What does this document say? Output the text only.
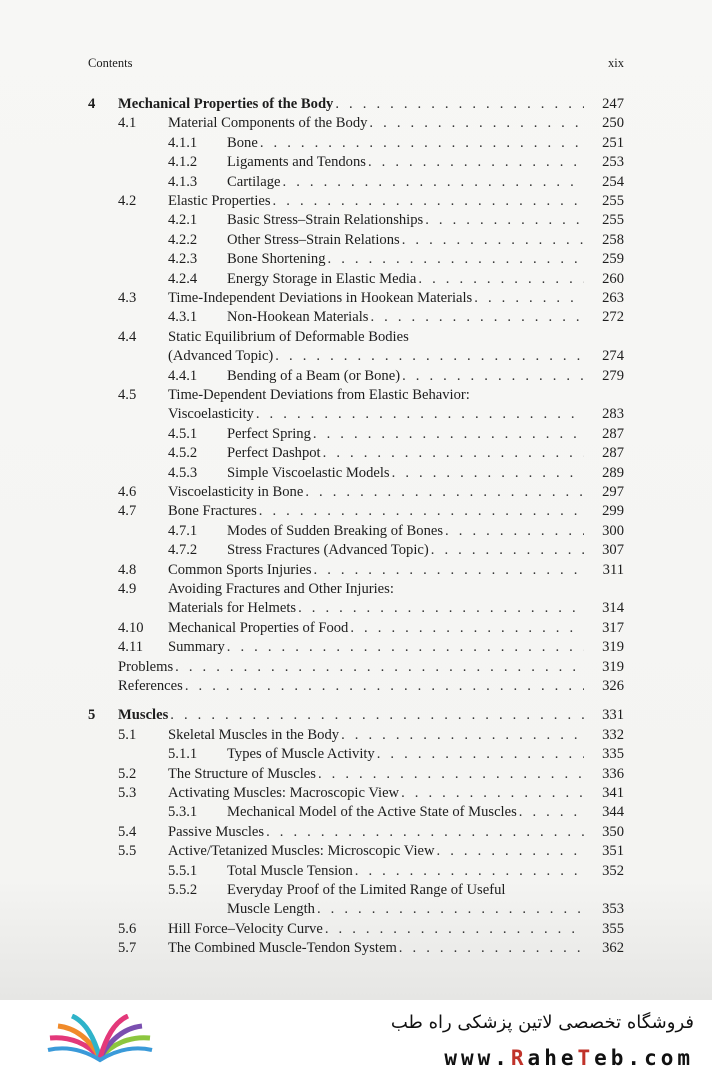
Contents	xix
4 Mechanical Properties of the Body . . .	247
4.1 Material Components of the Body . . .	250
4.1.1 Bone . . .	251
4.1.2 Ligaments and Tendons . . .	253
4.1.3 Cartilage . . .	254
4.2 Elastic Properties . . .	255
4.2.1 Basic Stress–Strain Relationships . . .	255
4.2.2 Other Stress–Strain Relations . . .	258
4.2.3 Bone Shortening . . .	259
4.2.4 Energy Storage in Elastic Media . . .	260
4.3 Time-Independent Deviations in Hookean Materials . . .	263
4.3.1 Non-Hookean Materials . . .	272
4.4 Static Equilibrium of Deformable Bodies
(Advanced Topic) . . .	274
4.4.1 Bending of a Beam (or Bone) . . .	279
4.5 Time-Dependent Deviations from Elastic Behavior:
Viscoelasticity . . .	283
4.5.1 Perfect Spring . . .	287
4.5.2 Perfect Dashpot . . .	287
4.5.3 Simple Viscoelastic Models . . .	289
4.6 Viscoelasticity in Bone . . .	297
4.7 Bone Fractures . . .	299
4.7.1 Modes of Sudden Breaking of Bones . . .	300
4.7.2 Stress Fractures (Advanced Topic) . . .	307
4.8 Common Sports Injuries . . .	311
4.9 Avoiding Fractures and Other Injuries:
Materials for Helmets . . .	314
4.10 Mechanical Properties of Food . . .	317
4.11 Summary . . .	319
Problems . . .	319
References . . .	326
5 Muscles . . .	331
5.1 Skeletal Muscles in the Body . . .	332
5.1.1 Types of Muscle Activity . . .	335
5.2 The Structure of Muscles . . .	336
5.3 Activating Muscles: Macroscopic View . . .	341
5.3.1 Mechanical Model of the Active State of Muscles . . .	344
5.4 Passive Muscles . . .	350
5.5 Active/Tetanized Muscles: Microscopic View . . .	351
5.5.1 Total Muscle Tension . . .	352
5.5.2 Everyday Proof of the Limited Range of Useful
Muscle Length . . .	353
5.6 Hill Force–Velocity Curve . . .	355
5.7 The Combined Muscle-Tendon System . . .	362
فروشگاه تخصصی لاتین پزشکی راه طب
www.RaheTeb.com
